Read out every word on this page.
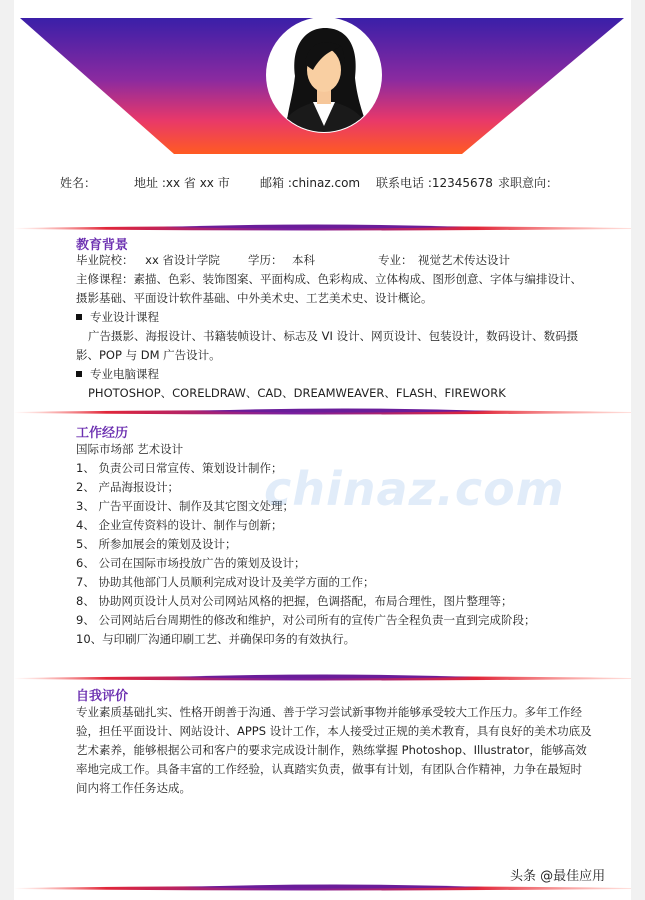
姓名：	地址 :xx 省 xx 市	邮箱 :chinaz.com 联系电话 :12345678 求职意向：
教育背景
毕业院校： xx 省设计学院 学历： 本科	专业： 视觉艺术传达设计
主修课程：素描、色彩、装饰图案、平面构成、色彩构成、立体构成、图形创意、字体与编排设计、
摄影基础、平面设计软件基础、中外美术史、工艺美术史、设计概论。
专业设计课程
广告摄影、海报设计、书籍装帧设计、标志及 VI 设计、网页设计、包装设计，数码设计、数码摄
影、POP 与 DM 广告设计。
专业电脑课程
PHOTOSHOP、CORELDRAW、CAD、DREAMWEAVER、FLASH、FIREWORK
工作经历
国际市场部 艺术设计
1、 负责公司日常宣传、策划设计制作；
2、 产品海报设计；
3、 广告平面设计、制作及其它图文处理；
4、 企业宣传资料的设计、制作与创新；
5、 所参加展会的策划及设计；
6、 公司在国际市场投放广告的策划及设计；
7、 协助其他部门人员顺利完成对设计及美学方面的工作；
8、 协助网页设计人员对公司网站风格的把握，色调搭配，布局合理性，图片整理等；
9、 公司网站后台周期性的修改和维护，对公司所有的宣传广告全程负责一直到完成阶段；
10、与印刷厂沟通印刷工艺、并确保印务的有效执行。
chinaz.com
自我评价
专业素质基础扎实、性格开朗善于沟通、善于学习尝试新事物并能够承受较大工作压力。多年工作经验，担任平面设计、网站设计、APPS 设计工作，本人接受过正规的美术教育，具有良好的美术功底及艺术素养，能够根据公司和客户的要求完成设计制作，熟练掌握 Photoshop、Illustrator，能够高效率地完成工作。具备丰富的工作经验，认真踏实负责，做事有计划，有团队合作精神，力争在最短时间内将工作任务达成。
头条 @最佳应用
